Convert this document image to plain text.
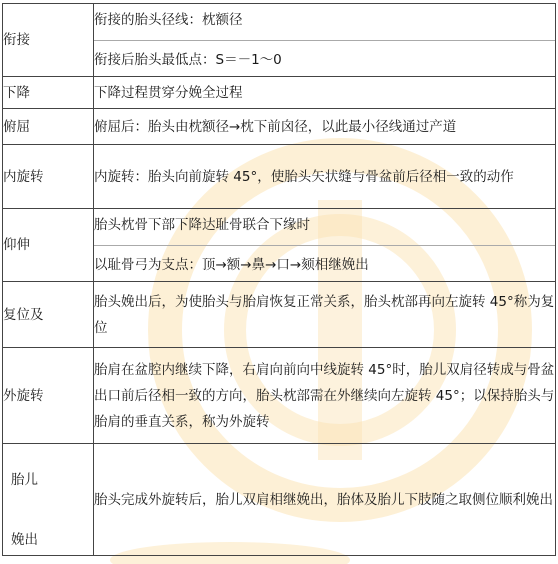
衔接	衔接的胎头径线：枕额径
衔接后胎头最低点：S＝－1～0

下降	下降过程贯穿分娩全过程
俯屈	俯屈后：胎头由枕额径→枕下前囟径，以此最小径线通过产道
内旋转	内旋转：胎头向前旋转 45°，使胎头矢状缝与骨盆前后径相一致的动作
仰伸	胎头枕骨下部下降达耻骨联合下缘时
以耻骨弓为支点：顶→额→鼻→口→颏相继娩出

复位及	胎头娩出后，为使胎头与胎肩恢复正常关系，胎头枕部再向左旋转 45°称为复位
外旋转	胎肩在盆腔内继续下降，右肩向前向中线旋转 45°时，胎儿双肩径转成与骨盆出口前后径相一致的方向，胎头枕部需在外继续向左旋转 45°；以保持胎头与胎肩的垂直关系，称为外旋转

胎儿
娩出	胎头完成外旋转后，胎儿双肩相继娩出，胎体及胎儿下肢随之取侧位顺利娩出
